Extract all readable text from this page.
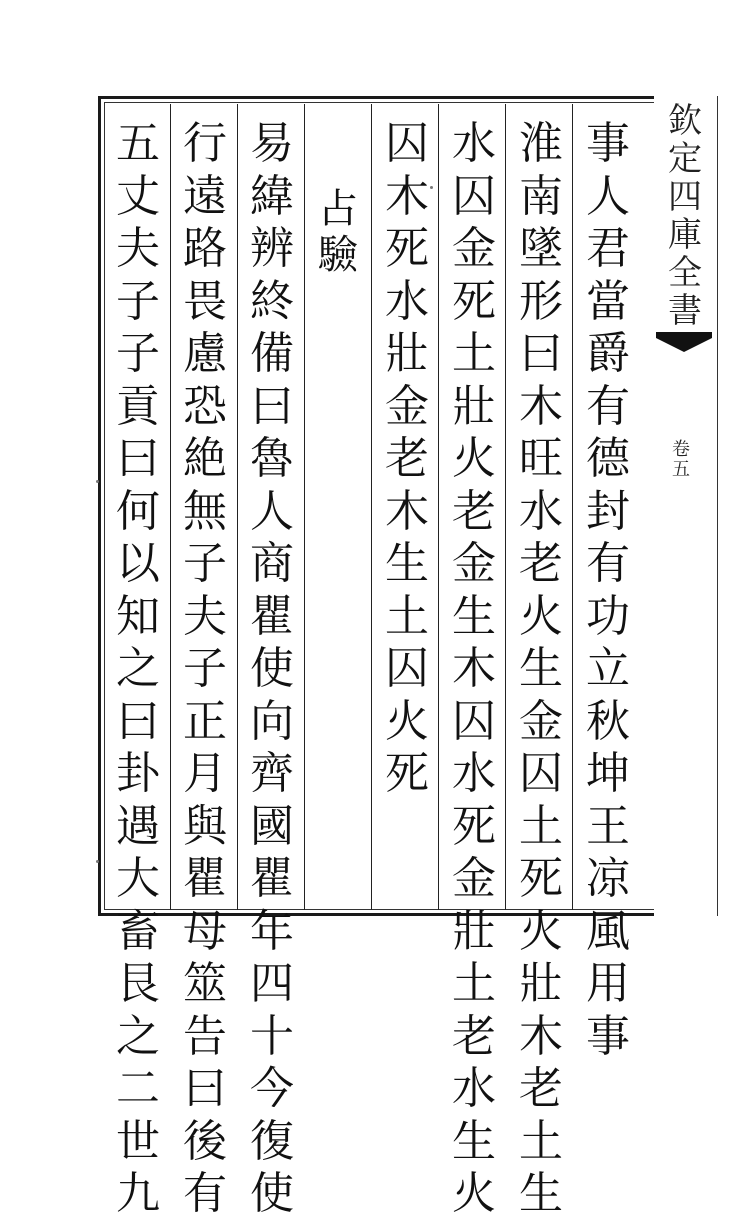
事
人
君
當
爵
有
德
封
有
功
立
秋
坤
王
凉
風
用
事
淮
南
墜
形
曰
木
旺
水
老
火
生
金
囚
土
死
火
壯
木
老
土
生
水
囚
金
死
土
壯
火
老
金
生
木
囚
水
死
金
壯
土
老
水
生
火
囚
木
死
水
壯
金
老
木
生
土
囚
火
死
占
驗
易
緯
辨
終
備
曰
魯
人
商
瞿
使
向
齊
國
瞿
年
四
十
今
復
使
行
遠
路
畏
慮
恐
絶
無
子
夫
子
正
月
與
瞿
母
筮
告
曰
後
有
五
丈
夫
子
子
貢
曰
何
以
知
之
曰
卦
遇
大
畜
艮
之
二
世
九
欽
定
四
庫
全
書
卷
五
